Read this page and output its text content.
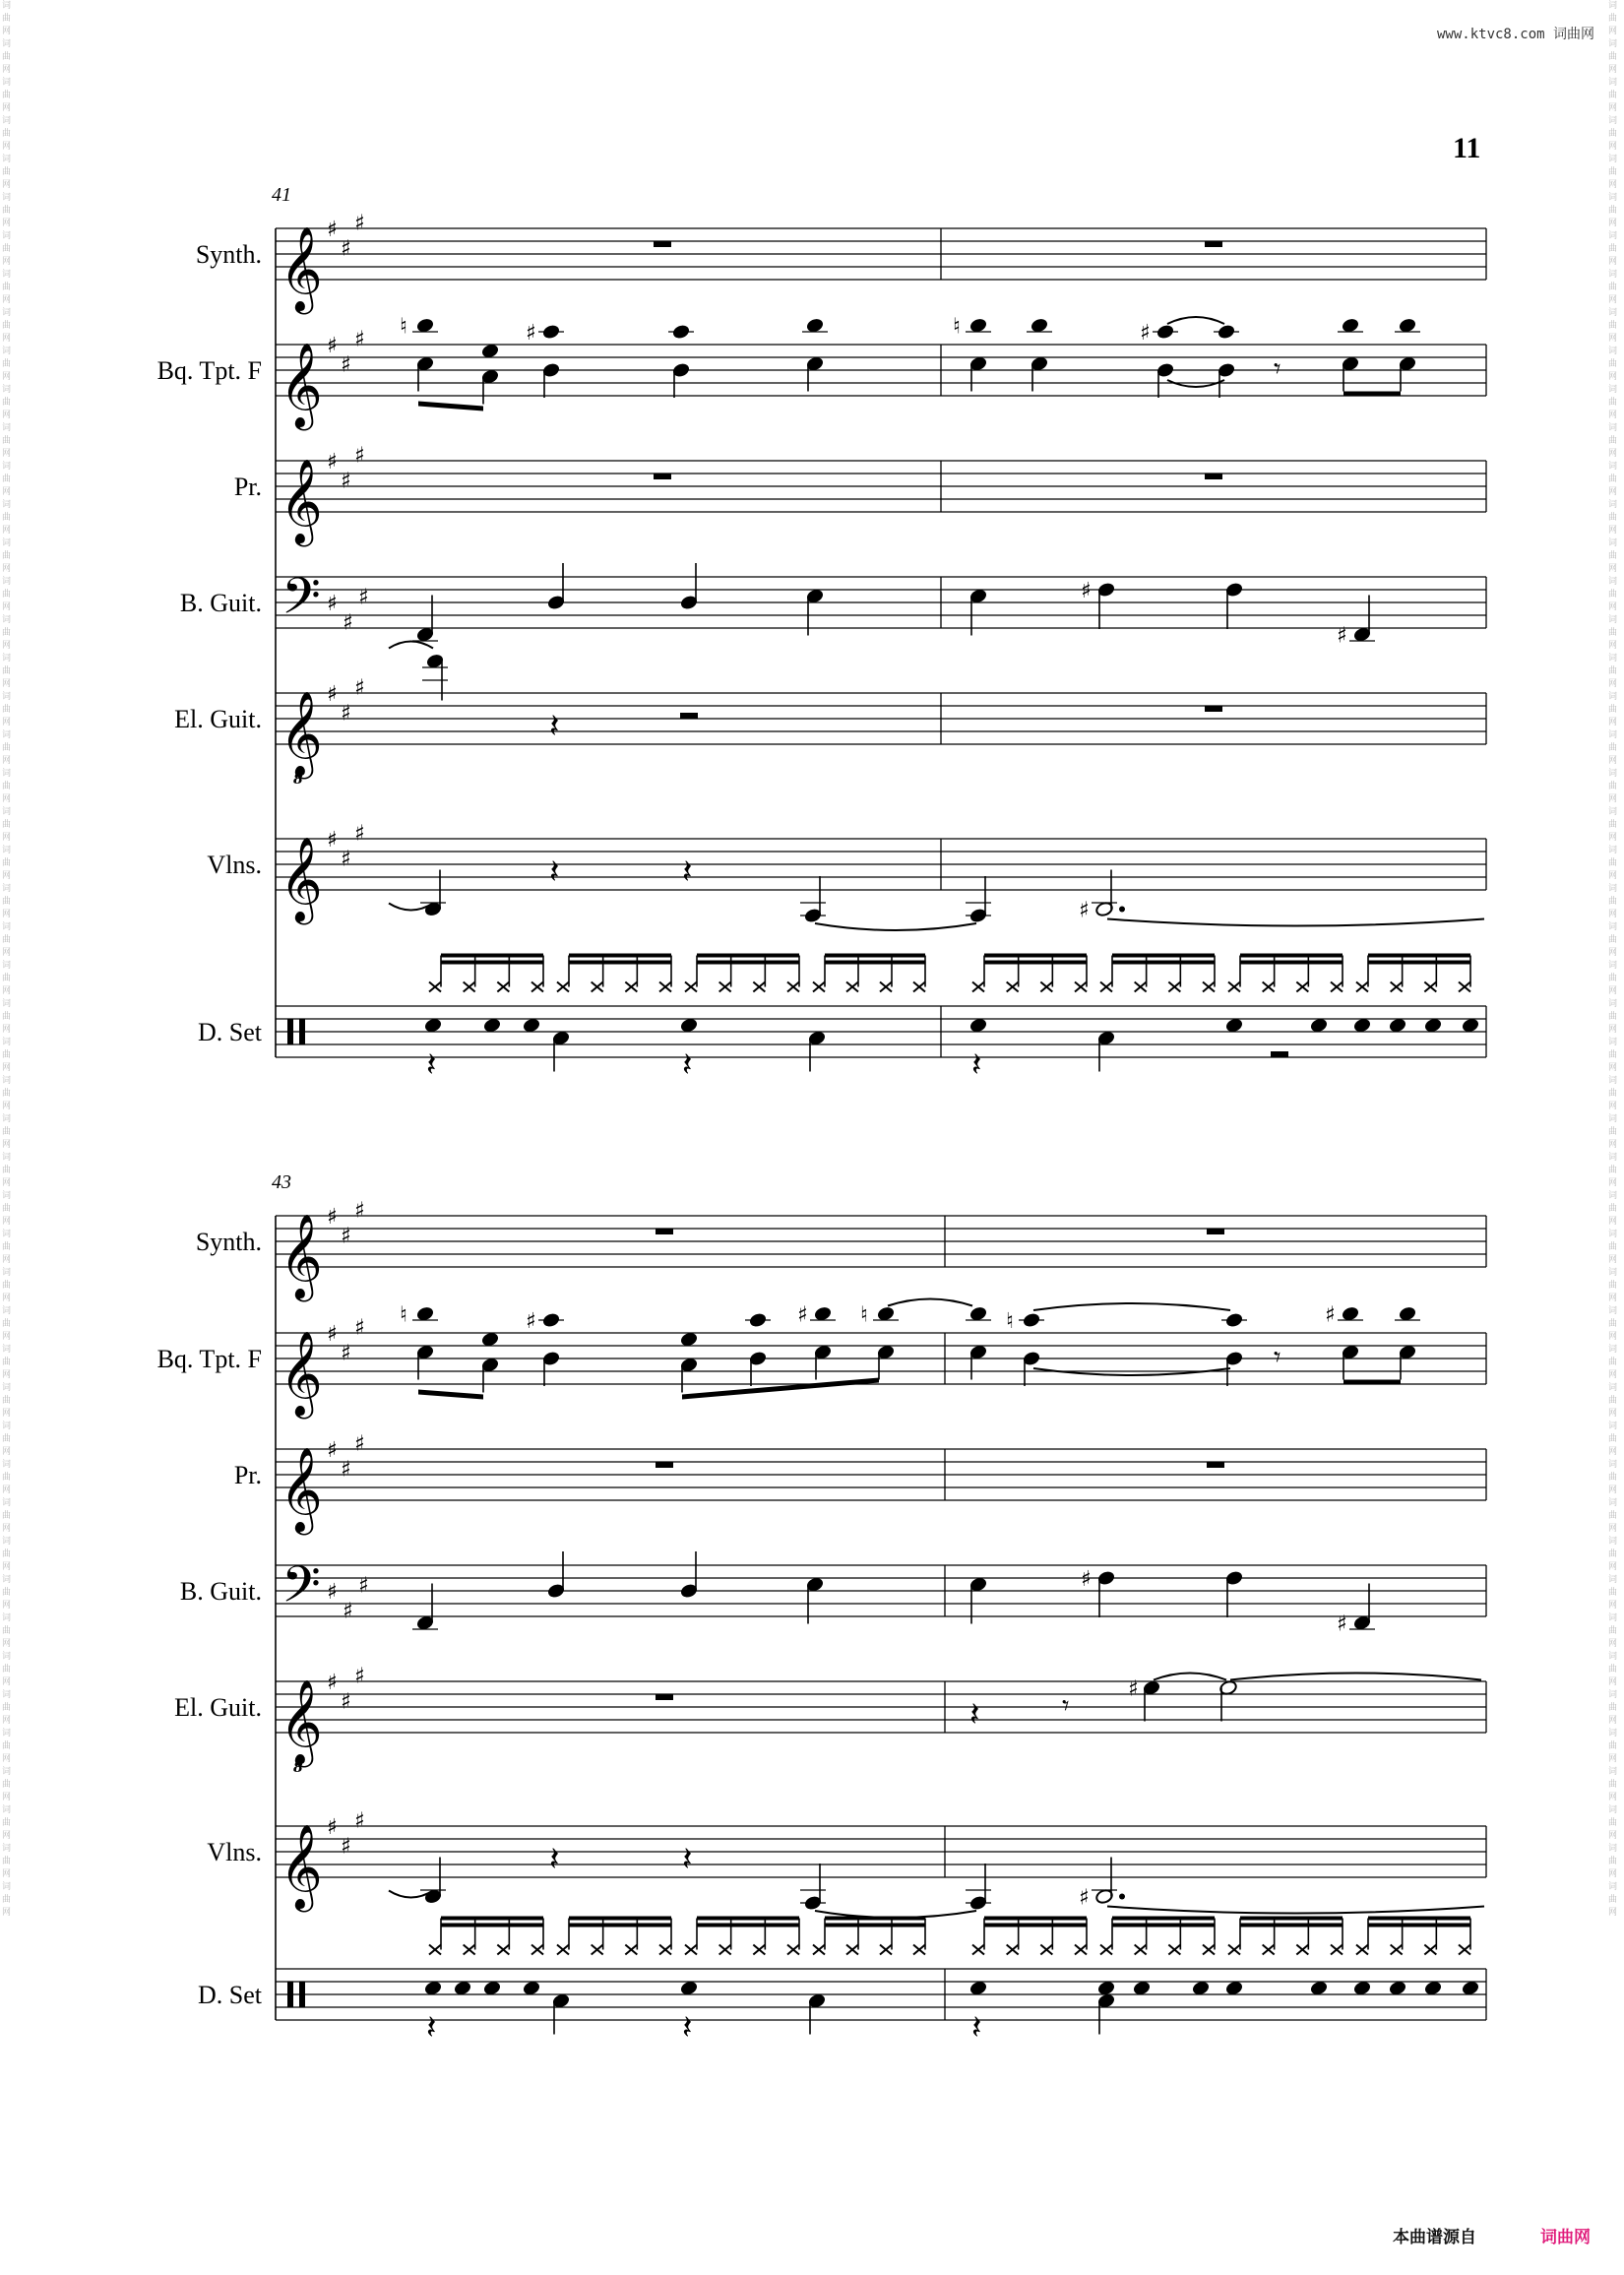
www.ktvc8.com 词曲网
11
词曲网词曲网词曲网词曲网词曲网词曲网词曲网词曲网词曲网词曲网词曲网词曲网词曲网词曲网词曲网词曲网词曲网词曲网词曲网词曲网词曲网词曲网词曲网词曲网词曲网词曲网词曲网词曲网词曲网词曲网词曲网词曲网词曲网词曲网词曲网词曲网词曲网词曲网词曲网词曲网词曲网词曲网词曲网词曲网词曲网词曲网词曲网词曲网词曲网词曲网
词曲网词曲网词曲网词曲网词曲网词曲网词曲网词曲网词曲网词曲网词曲网词曲网词曲网词曲网词曲网词曲网词曲网词曲网词曲网词曲网词曲网词曲网词曲网词曲网词曲网词曲网词曲网词曲网词曲网词曲网词曲网词曲网词曲网词曲网词曲网词曲网词曲网词曲网词曲网词曲网词曲网词曲网词曲网词曲网词曲网词曲网词曲网词曲网词曲网词曲网
41
Synth. 𝄞 ♯
♯
♯
Bq. Tpt. F 𝄞 ♯
♯
♯
♮	♯	♮	♯
𝄾
Pr. 𝄞 ♯
♯
♯
B. Guit. 𝄢 ♯
♯
♯	♯
♯
El. Guit. 𝄞
8
♯
♯
♯
𝄽
Vlns. 𝄞 ♯
♯
♯
𝄽	𝄽
♯
D. Set
𝄽	𝄽	𝄽
43
Synth. 𝄞 ♯
♯
♯
Bq. Tpt. F 𝄞 ♯
♯
♯
♮	♯	♯ ♮	♮	♯
𝄾
Pr. 𝄞 ♯
♯
♯
B. Guit. 𝄢 ♯
♯
♯	♯
♯
El. Guit. 𝄞
8
♯
♯
♯
𝄽	𝄾	♯
Vlns. 𝄞 ♯
♯
♯
𝄽	𝄽
♯
D. Set
𝄽	𝄽	𝄽
本曲谱源自	词曲网
